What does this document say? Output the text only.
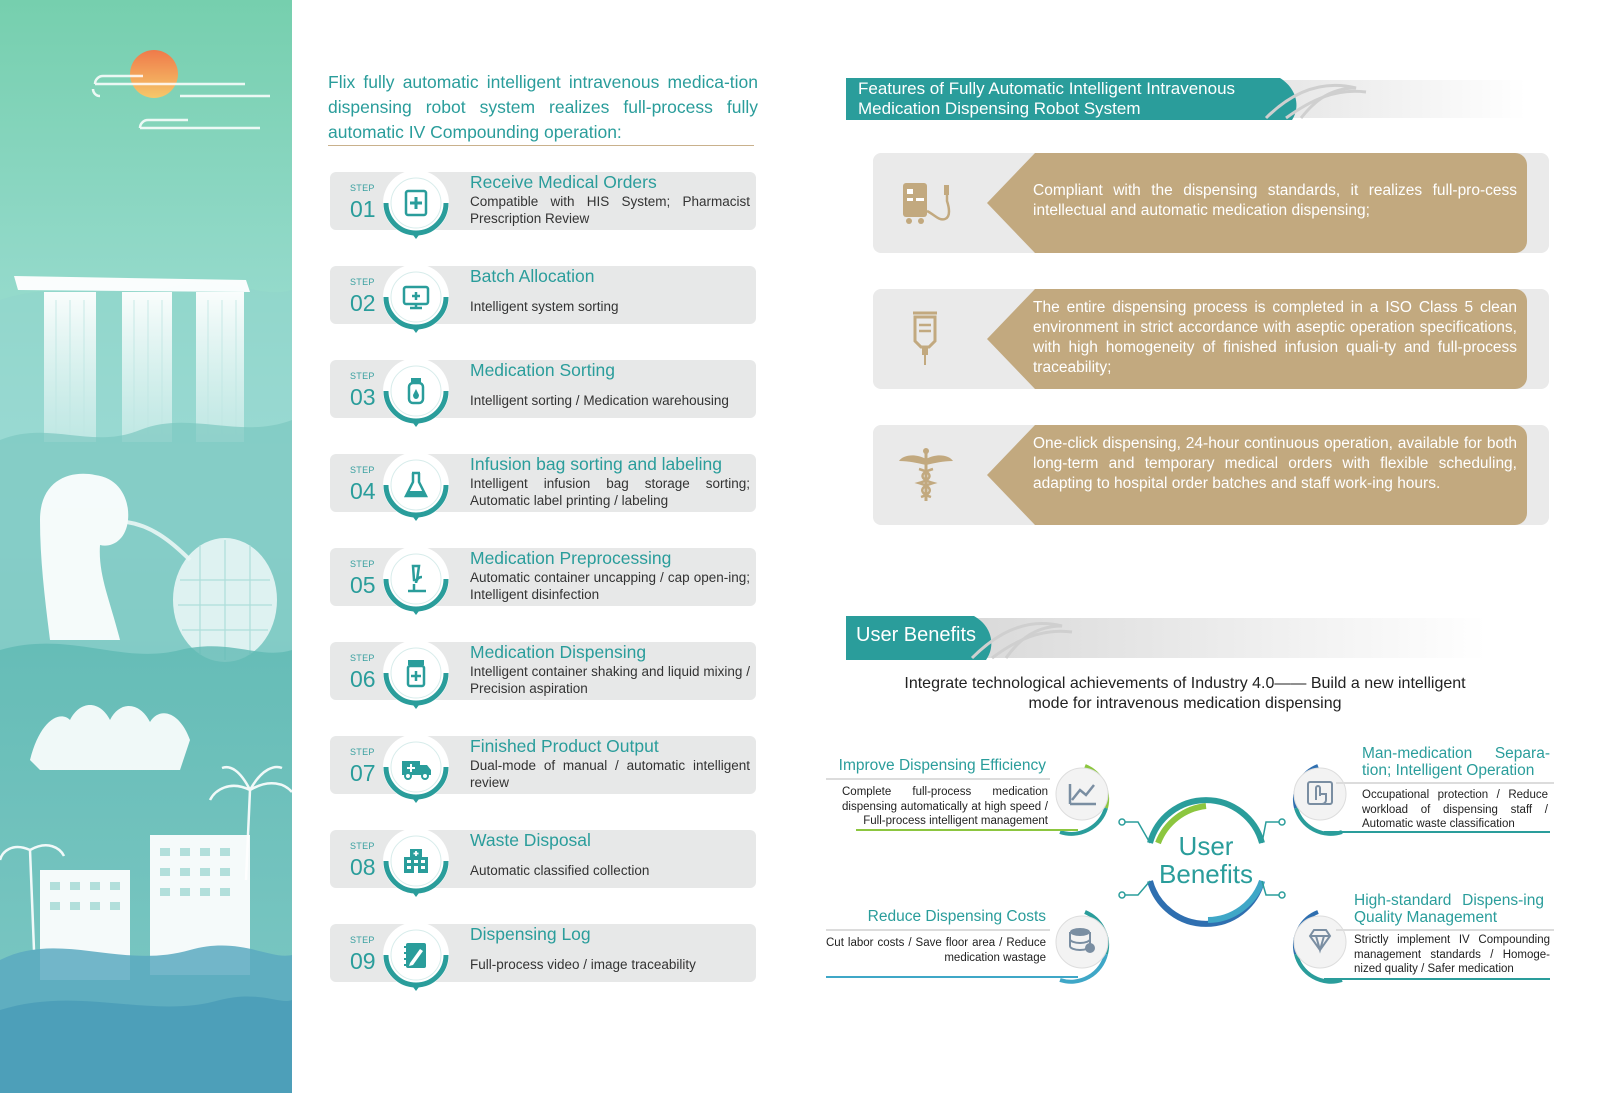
Flix fully automatic intelligent intravenous medica-tion dispensing robot system realizes full-process fully automatic IV Compounding operation:
STEP
01
Receive Medical Orders
Compatible with HIS System; Pharmacist Prescription Review
STEP
02
Batch Allocation
Intelligent system sorting
STEP
03
Medication Sorting
Intelligent sorting / Medication warehousing
STEP
04
Infusion bag sorting and labeling
Intelligent infusion bag storage sorting; Automatic label printing / labeling
STEP
05
Medication Preprocessing
Automatic container uncapping / cap open-ing; Intelligent disinfection
STEP
06
Medication Dispensing
Intelligent container shaking and liquid mixing / Precision aspiration
STEP
07
Finished Product Output
Dual-mode of manual / automatic intelligent review
STEP
08
Waste Disposal
Automatic classified collection
STEP
09
Dispensing Log
Full-process video / image traceability
Features of Fully Automatic Intelligent Intravenous Medication Dispensing Robot System
Compliant with the dispensing standards, it realizes full-pro-cess intellectual and automatic medication dispensing;
The entire dispensing process is completed in a ISO Class 5 clean environment in strict accordance with aseptic operation specifications, with high homogeneity of finished infusion quali-ty and full-process traceability;
One-click dispensing, 24-hour continuous operation, available for both long-term and temporary medical orders with flexible scheduling, adapting to hospital order batches and staff work-ing hours.
User Benefits
Integrate technological achievements of Industry 4.0—— Build a new intelligent mode for intravenous medication dispensing
User Benefits
Improve Dispensing Efficiency
Complete full-process medication dispensing automatically at high speed / Full-process intelligent management
Man-medication Separa-tion; Intelligent Operation
Occupational protection / Reduce workload of dispensing staff / Automatic waste classification
Reduce Dispensing Costs
Cut labor costs / Save floor area / Reduce medication wastage
High-standard Dispens-ing Quality Management
Strictly implement IV Compounding management standards / Homoge-nized quality / Safer medication
